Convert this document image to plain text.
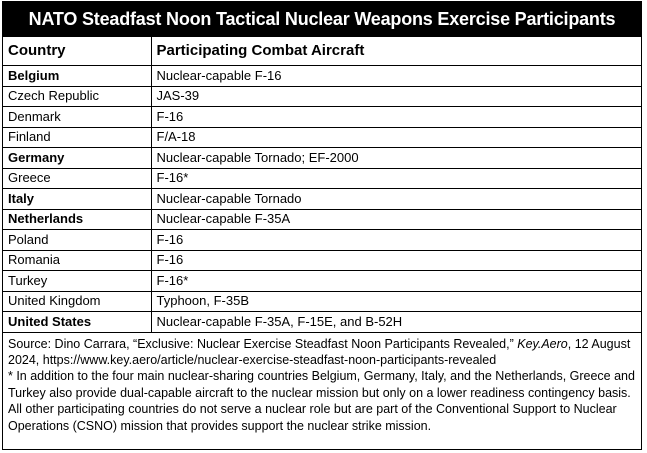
NATO Steadfast Noon Tactical Nuclear Weapons Exercise Participants
Country	Participating Combat Aircraft
Belgium	Nuclear-capable F-16
Czech Republic	JAS-39
Denmark	F-16
Finland	F/A-18
Germany	Nuclear-capable Tornado; EF-2000
Greece	F-16*
Italy	Nuclear-capable Tornado
Netherlands	Nuclear-capable F-35A
Poland	F-16
Romania	F-16
Turkey	F-16*
United Kingdom	Typhoon, F-35B
United States	Nuclear-capable F-35A, F-15E, and B-52H

Source: Dino Carrara, “Exclusive: Nuclear Exercise Steadfast Noon Participants Revealed,” Key.Aero, 12 August 2024, https://www.key.aero/article/nuclear-exercise-steadfast-noon-participants-revealed

* In addition to the four main nuclear-sharing countries Belgium, Germany, Italy, and the Netherlands, Greece and Turkey also provide dual-capable aircraft to the nuclear mission but only on a lower readiness contingency basis.

All other participating countries do not serve a nuclear role but are part of the Conventional Support to Nuclear Operations (CSNO) mission that provides support the nuclear strike mission.
